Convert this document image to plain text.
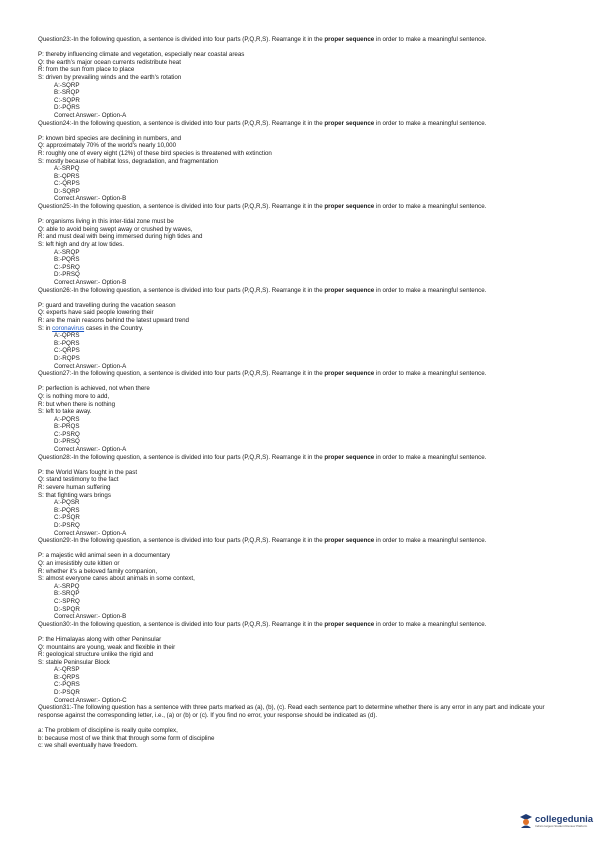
Question23:-In the following question, a sentence is divided into four parts (P,Q,R,S). Rearrange it in the proper sequence in order to make a meaningful sentence.
P: thereby influencing climate and vegetation, especially near coastal areas
Q: the earth’s major ocean currents redistribute heat
R: from the sun from place to place
S: driven by prevailing winds and the earth's rotation
A:-SQRP
B:-SRQP
C:-SQPR
D:-PQRS
Correct Answer:- Option-A
Question24:-In the following question, a sentence is divided into four parts (P,Q,R,S). Rearrange it in the proper sequence in order to make a meaningful sentence.
P: known bird species are declining in numbers, and
Q: approximately 70% of the world's nearly 10,000
R: roughly one of every eight (12%) of these bird species is threatened with extinction
S: mostly because of habitat loss, degradation, and fragmentation
A:-SRPQ
B:-QPRS
C:-QRPS
D:-SQRP
Correct Answer:- Option-B
Question25:-In the following question, a sentence is divided into four parts (P,Q,R,S). Rearrange it in the proper sequence in order to make a meaningful sentence.
P: organisms living in this inter-tidal zone must be
Q: able to avoid being swept away or crushed by waves,
R: and must deal with being immersed during high tides and
S: left high and dry at low tides.
A:-SRQP
B:-PQRS
C:-PSRQ
D:-PRSQ
Correct Answer:- Option-B
Question26:-In the following question, a sentence is divided into four parts (P,Q,R,S). Rearrange it in the proper sequence in order to make a meaningful sentence.
P: guard and travelling during the vacation season
Q: experts have said people lowering their
R: are the main reasons behind the latest upward trend
S: in coronavirus cases in the Country.
A:-QPRS
B:-PQRS
C:-QRPS
D:-RQPS
Correct Answer:- Option-A
Question27:-In the following question, a sentence is divided into four parts (P,Q,R,S). Rearrange it in the proper sequence in order to make a meaningful sentence.
P: perfection is achieved, not when there
Q: is nothing more to add,
R: but when there is nothing
S: left to take away.
A:-PQRS
B:-PRQS
C:-PSRQ
D:-PRSQ
Correct Answer:- Option-A
Question28:-In the following question, a sentence is divided into four parts (P,Q,R,S). Rearrange it in the proper sequence in order to make a meaningful sentence.
P: the World Wars fought in the past
Q: stand testimony to the fact
R: severe human suffering
S: that fighting wars brings
A:-PQSR
B:-PQRS
C:-PSQR
D:-PSRQ
Correct Answer:- Option-A
Question29:-In the following question, a sentence is divided into four parts (P,Q,R,S). Rearrange it in the proper sequence in order to make a meaningful sentence.
P: a majestic wild animal seen in a documentary
Q: an irresistibly cute kitten or
R: whether it's a beloved family companion,
S: almost everyone cares about animals in some context,
A:-SRPQ
B:-SRQP
C:-SPRQ
D:-SPQR
Correct Answer:- Option-B
Question30:-In the following question, a sentence is divided into four parts (P,Q,R,S). Rearrange it in the proper sequence in order to make a meaningful sentence.
P: the Himalayas along with other Peninsular
Q: mountains are young, weak and flexible in their
R: geological structure unlike the rigid and
S: stable Peninsular Block
A:-QRSP
B:-QRPS
C:-PQRS
D:-PSQR
Correct Answer:- Option-C
Question31:-The following question has a sentence with three parts marked as (a), (b), (c). Read each sentence part to determine whether there is any error in any part and indicate your response against the corresponding letter, i.e., (a) or (b) or (c). If you find no error, your response should be indicated as (d).
a: The problem of discipline is really quite complex,
b: because most of we think that through some form of discipline
c: we shall eventually have freedom.
collegedunia
India's largest Student Review Platform
